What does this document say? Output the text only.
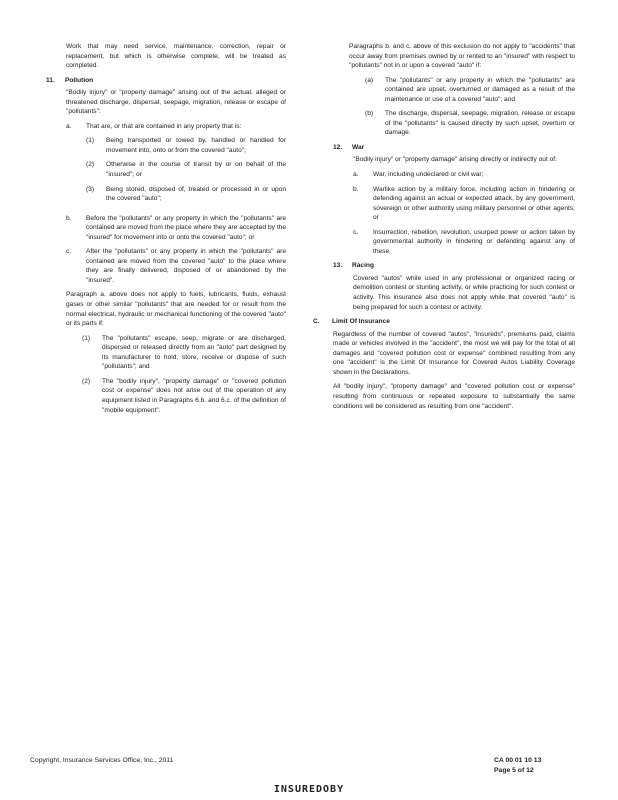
Work that may need service, maintenance, correction, repair or replacement, but which is otherwise complete, will be treated as completed.

11.	Pollution

"Bodily injury" or "property damage" arising out of the actual, alleged or threatened discharge, dispersal, seepage, migration, release or escape of "pollutants":

a.	That are, or that are contained in any property that is:

(1)	Being transported or towed by, handled or handled for movement into, onto or from the covered "auto";
(2)	Otherwise in the course of transit by or on behalf of the "insured"; or
(3)	Being stored, disposed of, treated or processed in or upon the covered "auto";
b.	Before the "pollutants" or any property in which the "pollutants" are contained are moved from the place where they are accepted by the "insured" for movement into or onto the covered "auto"; or
c.	After the "pollutants" or any property in which the "pollutants" are contained are moved from the covered "auto" to the place where they are finally delivered, disposed of or abandoned by the "insured".

Paragraph a. above does not apply to fuels, lubricants, fluids, exhaust gases or other similar "pollutants" that are needed for or result from the normal electrical, hydraulic or mechanical functioning of the covered "auto" or its parts if:

(1)	The "pollutants" escape, seep, migrate or are discharged, dispersed or released directly from an "auto" part designed by its manufacturer to hold, store, receive or dispose of such "pollutants"; and
(2)	The "bodily injury", "property damage" or "covered pollution cost or expense" does not arise out of the operation of any equipment listed in Paragraphs 6.b. and 6.c. of the definition of "mobile equipment".

Paragraphs b. and c. above of this exclusion do not apply to "accidents" that occur away from premises owned by or rented to an "insured" with respect to "pollutants" not in or upon a covered "auto" if:

(a)	The "pollutants" or any property in which the "pollutants" are contained are upset, overturned or damaged as a result of the maintenance or use of a covered "auto"; and
(b)	The discharge, dispersal, seepage, migration, release or escape of the "pollutants" is caused directly by such upset, overturn or damage.
12.	War

"Bodily injury" or "property damage" arising directly or indirectly out of:

a.	War, including undeclared or civil war;
b.	Warlike action by a military force, including action in hindering or defending against an actual or expected attack, by any government, sovereign or other authority using military personnel or other agents; or
c.	Insurrection, rebellion, revolution, usurped power or action taken by governmental authority in hindering or defending against any of these.
13.	Racing

Covered "autos" while used in any professional or organized racing or demolition contest or stunting activity, or while practicing for such contest or activity. This insurance also does not apply while that covered "auto" is being prepared for such a contest or activity.

C.	Limit Of Insurance

Regardless of the number of covered "autos", "insureds", premiums paid, claims made or vehicles involved in the "accident", the most we will pay for the total of all damages and "covered pollution cost or expense" combined resulting from any one "accident" is the Limit Of Insurance for Covered Autos Liability Coverage shown in the Declarations.

All "bodily injury", "property damage" and "covered pollution cost or expense" resulting from continuous or repeated exposure to substantially the same conditions will be considered as resulting from one "accident".

Copyright, Insurance Services Office, Inc., 2011	CA 00 01 10 13
Page 5 of 12
INSUREDOBY
